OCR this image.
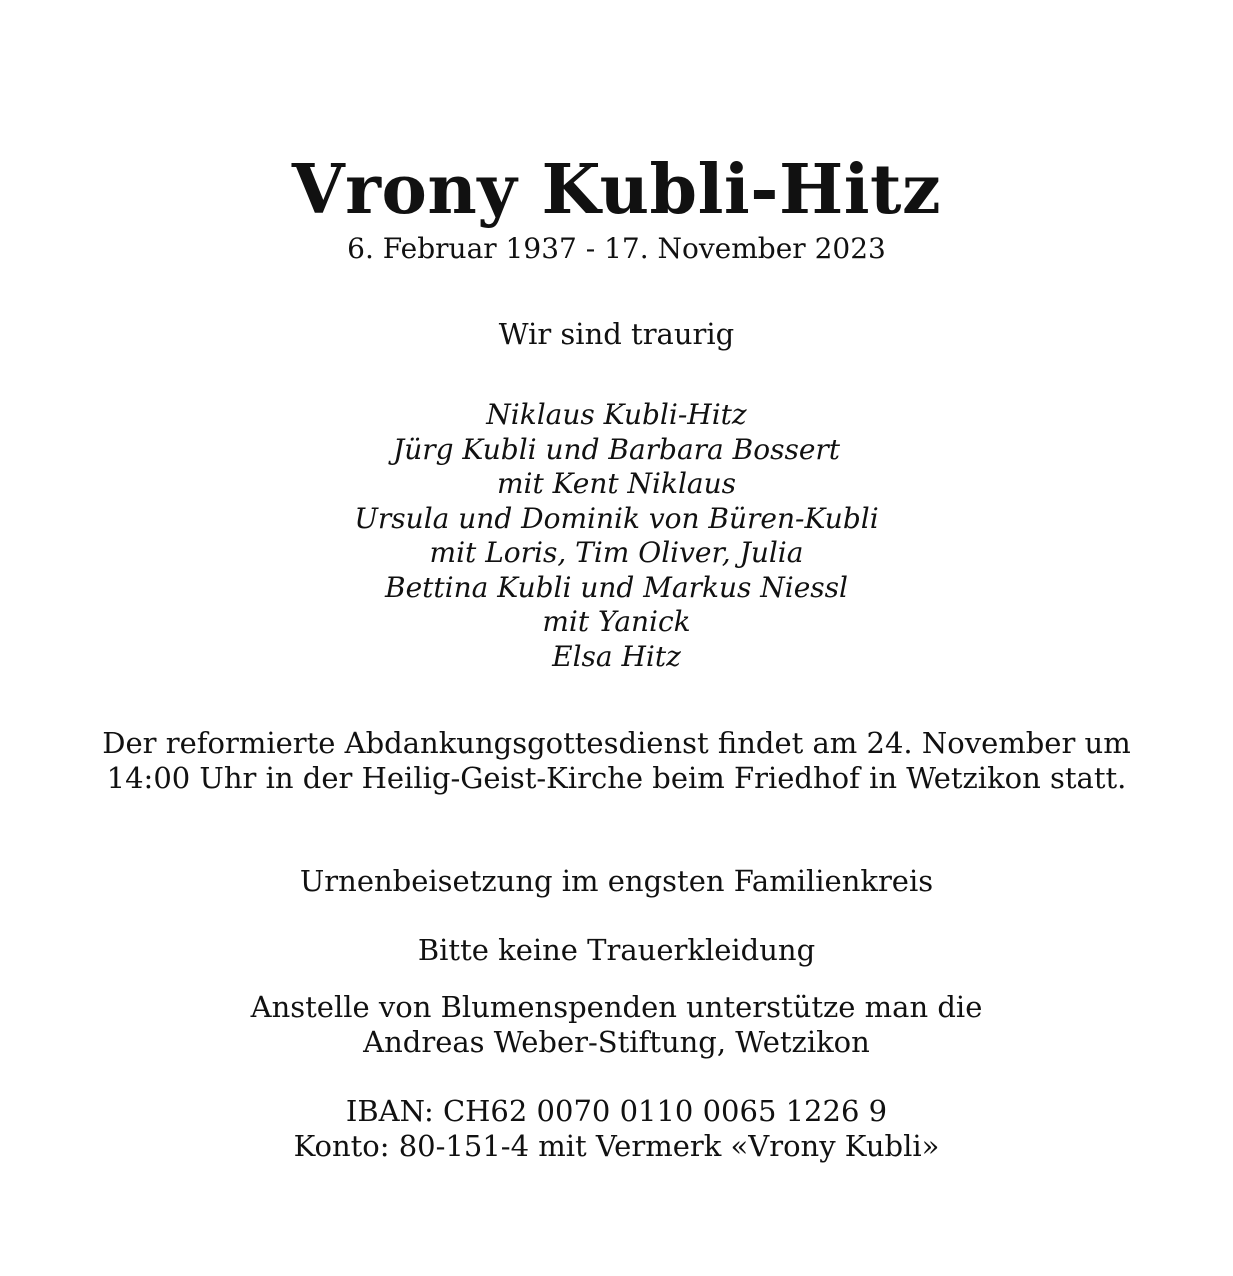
Vrony Kubli-Hitz
6. Februar 1937 - 17. November 2023
Wir sind traurig
Niklaus Kubli-Hitz
Jürg Kubli und Barbara Bossert
mit Kent Niklaus
Ursula und Dominik von Büren-Kubli
mit Loris, Tim Oliver, Julia
Bettina Kubli und Markus Niessl
mit Yanick
Elsa Hitz
Der reformierte Abdankungsgottesdienst findet am 24. November um 14:00 Uhr in der Heilig-Geist-Kirche beim Friedhof in Wetzikon statt.
Urnenbeisetzung im engsten Familienkreis
Bitte keine Trauerkleidung
Anstelle von Blumenspenden unterstütze man die
Andreas Weber-Stiftung, Wetzikon
IBAN: CH62 0070 0110 0065 1226 9
Konto: 80-151-4 mit Vermerk «Vrony Kubli»
